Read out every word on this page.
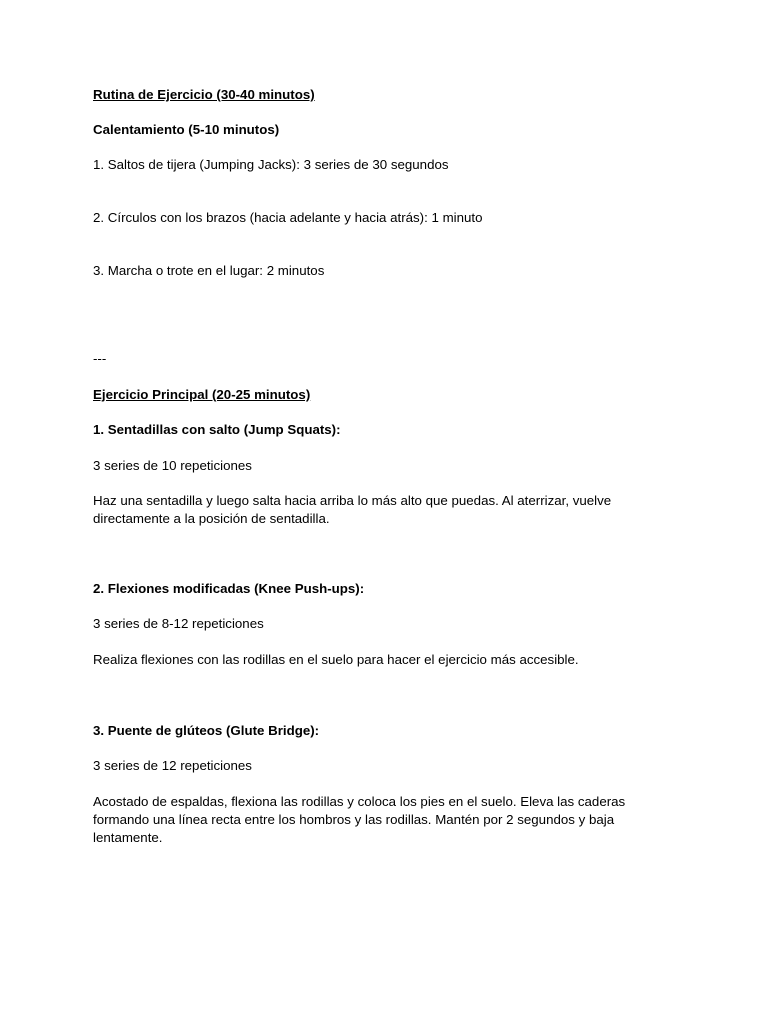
Rutina de Ejercicio (30-40 minutos)
Calentamiento (5-10 minutos)
1. Saltos de tijera (Jumping Jacks): 3 series de 30 segundos
2. Círculos con los brazos (hacia adelante y hacia atrás): 1 minuto
3. Marcha o trote en el lugar: 2 minutos
---
Ejercicio Principal (20-25 minutos)
1. Sentadillas con salto (Jump Squats):
3 series de 10 repeticiones
Haz una sentadilla y luego salta hacia arriba lo más alto que puedas. Al aterrizar, vuelve
directamente a la posición de sentadilla.
2. Flexiones modificadas (Knee Push-ups):
3 series de 8-12 repeticiones
Realiza flexiones con las rodillas en el suelo para hacer el ejercicio más accesible.
3. Puente de glúteos (Glute Bridge):
3 series de 12 repeticiones
Acostado de espaldas, flexiona las rodillas y coloca los pies en el suelo. Eleva las caderas
formando una línea recta entre los hombros y las rodillas. Mantén por 2 segundos y baja
lentamente.
